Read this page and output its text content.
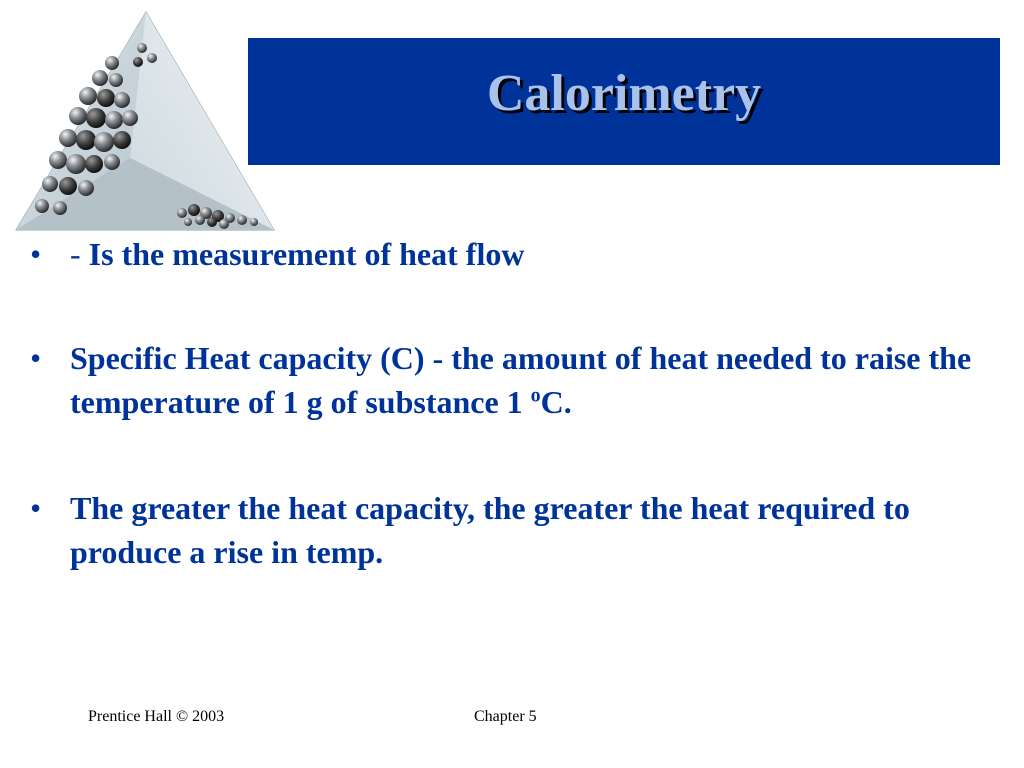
Calorimetry
• - Is the measurement of heat flow
• Specific Heat capacity (C) - the amount of heat needed to raise the temperature of 1 g of substance 1 $^o$C.
• The greater the heat capacity, the greater the heat required to produce a rise in temp.
Prentice Hall © 2003	Chapter 5
